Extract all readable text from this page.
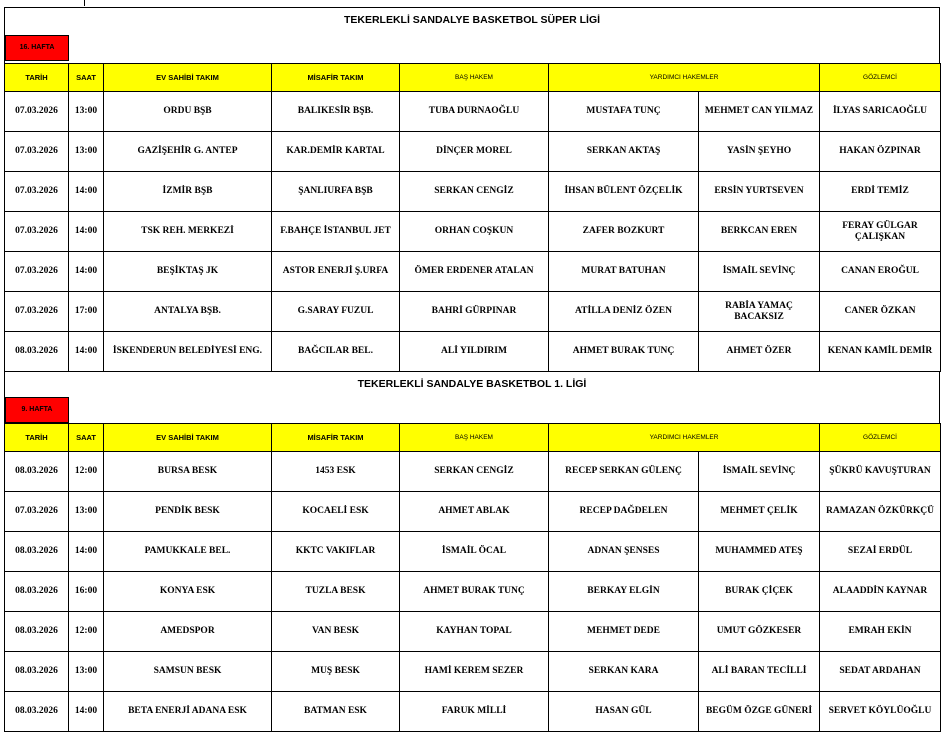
TEKERLEKLİ SANDALYE BASKETBOL SÜPER LİGİ
16. HAFTA
TARİH	SAAT	EV SAHİBİ TAKIM	MİSAFİR TAKIM	BAŞ HAKEM	YARDIMCI HAKEMLER		GÖZLEMCİ
07.03.2026	13:00	ORDU BŞB	BALIKESİR BŞB.	TUBA DURNAOĞLU	MUSTAFA TUNÇ	MEHMET CAN YILMAZ	İLYAS SARICAOĞLU
07.03.2026	13:00	GAZİŞEHİR G. ANTEP	KAR.DEMİR KARTAL	DİNÇER MOREL	SERKAN AKTAŞ	YASİN ŞEYHO	HAKAN ÖZPINAR
07.03.2026	14:00	İZMİR BŞB	ŞANLIURFA BŞB	SERKAN CENGİZ	İHSAN BÜLENT ÖZÇELİK	ERSİN YURTSEVEN	ERDİ TEMİZ
07.03.2026	14:00	TSK REH. MERKEZİ	F.BAHÇE İSTANBUL JET	ORHAN COŞKUN	ZAFER BOZKURT	BERKCAN EREN	FERAY GÜLGAR ÇALIŞKAN
07.03.2026	14:00	BEŞİKTAŞ JK	ASTOR ENERJİ Ş.URFA	ÖMER ERDENER ATALAN	MURAT BATUHAN	İSMAİL SEVİNÇ	CANAN EROĞUL
07.03.2026	17:00	ANTALYA BŞB.	G.SARAY FUZUL	BAHRİ GÜRPINAR	ATİLLA DENİZ ÖZEN	RABİA YAMAÇ BACAKSIZ	CANER ÖZKAN
08.03.2026	14:00	İSKENDERUN BELEDİYESİ ENG.	BAĞCILAR BEL.	ALİ YILDIRIM	AHMET BURAK TUNÇ	AHMET ÖZER	KENAN KAMİL DEMİR
TEKERLEKLİ SANDALYE BASKETBOL 1. LİGİ
9. HAFTA
TARİH	SAAT	EV SAHİBİ TAKIM	MİSAFİR TAKIM	BAŞ HAKEM	YARDIMCI HAKEMLER		GÖZLEMCİ
08.03.2026	12:00	BURSA BESK	1453 ESK	SERKAN CENGİZ	RECEP SERKAN GÜLENÇ	İSMAİL SEVİNÇ	ŞÜKRÜ KAVUŞTURAN
07.03.2026	13:00	PENDİK BESK	KOCAELİ ESK	AHMET ABLAK	RECEP DAĞDELEN	MEHMET ÇELİK	RAMAZAN ÖZKÜRKÇÜ
08.03.2026	14:00	PAMUKKALE BEL.	KKTC VAKIFLAR	İSMAİL ÖCAL	ADNAN ŞENSES	MUHAMMED ATEŞ	SEZAİ ERDÜL
08.03.2026	16:00	KONYA ESK	TUZLA BESK	AHMET BURAK TUNÇ	BERKAY ELGİN	BURAK ÇİÇEK	ALAADDİN KAYNAR
08.03.2026	12:00	AMEDSPOR	VAN BESK	KAYHAN TOPAL	MEHMET DEDE	UMUT GÖZKESER	EMRAH EKİN
08.03.2026	13:00	SAMSUN BESK	MUŞ BESK	HAMİ KEREM SEZER	SERKAN KARA	ALİ BARAN TECİLLİ	SEDAT ARDAHAN
08.03.2026	14:00	BETA ENERJİ ADANA ESK	BATMAN ESK	FARUK MİLLİ	HASAN GÜL	BEGÜM ÖZGE GÜNERİ	SERVET KÖYLÜOĞLU
